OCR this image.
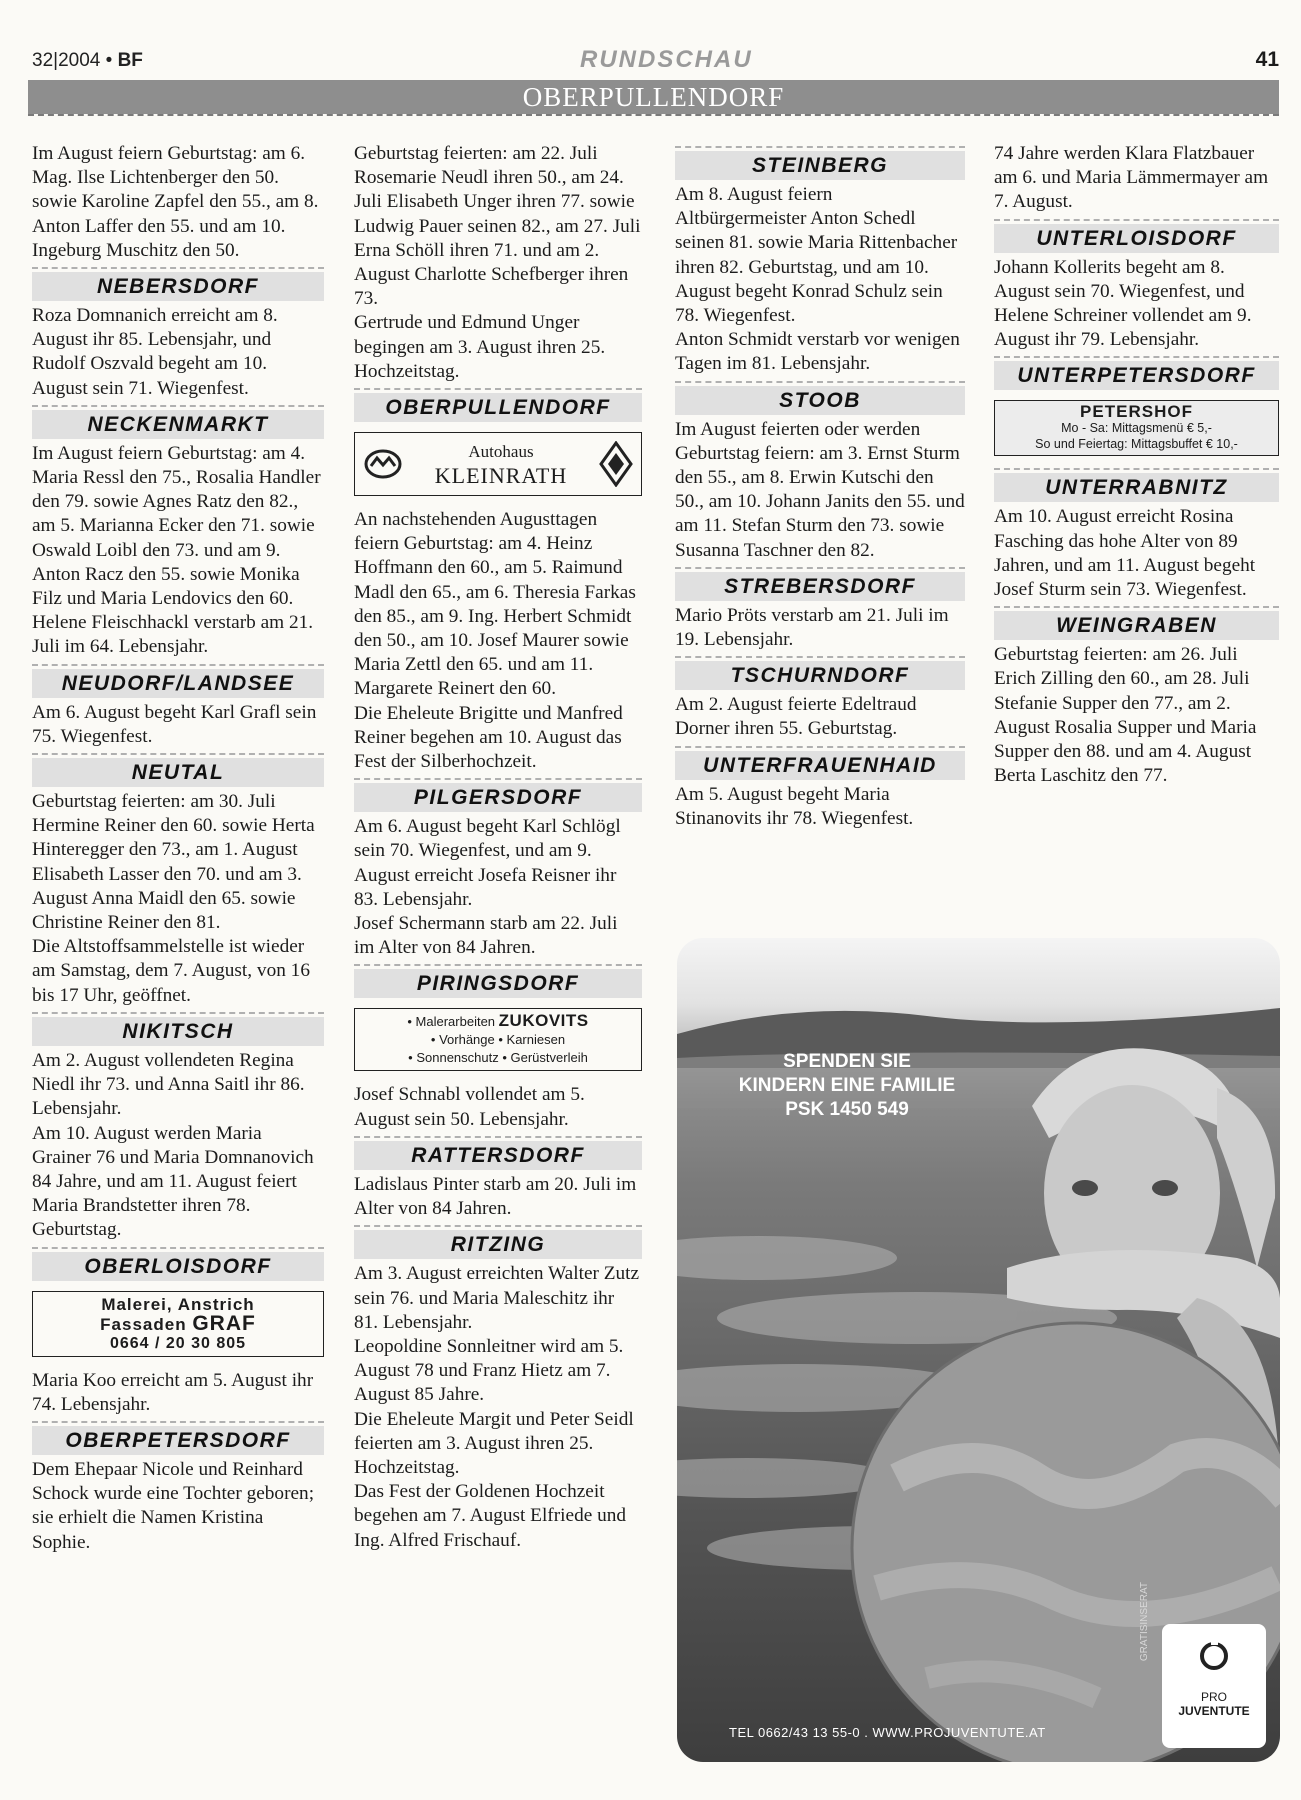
32|2004 • BF	RUNDSCHAU	41
OBERPULLENDORF

Im August feiern Geburtstag: am 6. Mag. Ilse Lichtenberger den 50. sowie Karoline Zapfel den 55., am 8. Anton Laffer den 55. und am 10. Ingeburg Muschitz den 50.

NEBERSDORF

Roza Domnanich erreicht am 8. August ihr 85. Lebensjahr, und Rudolf Oszvald begeht am 10. August sein 71. Wiegenfest.

NECKENMARKT

Im August feiern Geburtstag: am 4. Maria Ressl den 75., Rosalia Handler den 79. sowie Agnes Ratz den 82., am 5. Marianna Ecker den 71. sowie Oswald Loibl den 73. und am 9. Anton Racz den 55. sowie Monika Filz und Maria Lendovics den 60.

Helene Fleischhackl verstarb am 21. Juli im 64. Lebensjahr.

NEUDORF/LANDSEE

Am 6. August begeht Karl Grafl sein 75. Wiegenfest.

NEUTAL

Geburtstag feierten: am 30. Juli Hermine Reiner den 60. sowie Herta Hinteregger den 73., am 1. August Elisabeth Lasser den 70. und am 3. August Anna Maidl den 65. sowie Christine Reiner den 81.

Die Altstoffsammelstelle ist wieder am Samstag, dem 7. August, von 16 bis 17 Uhr, geöffnet.

NIKITSCH

Am 2. August vollendeten Regina Niedl ihr 73. und Anna Saitl ihr 86. Lebensjahr.

Am 10. August werden Maria Grainer 76 und Maria Domnanovich 84 Jahre, und am 11. August feiert Maria Brandstetter ihren 78. Geburtstag.

OBERLOISDORF
Malerei, Anstrich
Fassaden GRAF
0664 / 20 30 805

Maria Koo erreicht am 5. August ihr 74. Lebensjahr.

OBERPETERSDORF

Dem Ehepaar Nicole und Reinhard Schock wurde eine Tochter geboren; sie erhielt die Namen Kristina Sophie.

Geburtstag feierten: am 22. Juli Rosemarie Neudl ihren 50., am 24. Juli Elisabeth Unger ihren 77. sowie Ludwig Pauer seinen 82., am 27. Juli Erna Schöll ihren 71. und am 2. August Charlotte Schefberger ihren 73.

Gertrude und Edmund Unger begingen am 3. August ihren 25. Hochzeitstag.

OBERPULLENDORF
Autohaus
KLEINRATH

An nachstehenden Augusttagen feiern Geburtstag: am 4. Heinz Hoffmann den 60., am 5. Raimund Madl den 65., am 6. Theresia Farkas den 85., am 9. Ing. Herbert Schmidt den 50., am 10. Josef Maurer sowie Maria Zettl den 65. und am 11. Margarete Reinert den 60.

Die Eheleute Brigitte und Manfred Reiner begehen am 10. August das Fest der Silberhochzeit.

PILGERSDORF

Am 6. August begeht Karl Schlögl sein 70. Wiegenfest, und am 9. August erreicht Josefa Reisner ihr 83. Lebensjahr.

Josef Schermann starb am 22. Juli im Alter von 84 Jahren.

PIRINGSDORF
• Malerarbeiten ZUKOVITS
• Vorhänge • Karniesen
• Sonnenschutz • Gerüstverleih

Josef Schnabl vollendet am 5. August sein 50. Lebensjahr.

RATTERSDORF

Ladislaus Pinter starb am 20. Juli im Alter von 84 Jahren.

RITZING

Am 3. August erreichten Walter Zutz sein 76. und Maria Maleschitz ihr 81. Lebensjahr.

Leopoldine Sonnleitner wird am 5. August 78 und Franz Hietz am 7. August 85 Jahre.

Die Eheleute Margit und Peter Seidl feierten am 3. August ihren 25. Hochzeitstag.

Das Fest der Goldenen Hochzeit begehen am 7. August Elfriede und Ing. Alfred Frischauf.

STEINBERG

Am 8. August feiern Altbürgermeister Anton Schedl seinen 81. sowie Maria Rittenbacher ihren 82. Geburtstag, und am 10. August begeht Konrad Schulz sein 78. Wiegenfest.

Anton Schmidt verstarb vor wenigen Tagen im 81. Lebensjahr.

STOOB

Im August feierten oder werden Geburtstag feiern: am 3. Ernst Sturm den 55., am 8. Erwin Kutschi den 50., am 10. Johann Janits den 55. und am 11. Stefan Sturm den 73. sowie Susanna Taschner den 82.

STREBERSDORF

Mario Pröts verstarb am 21. Juli im 19. Lebensjahr.

TSCHURNDORF

Am 2. August feierte Edeltraud Dorner ihren 55. Geburtstag.

UNTERFRAUENHAID

Am 5. August begeht Maria Stinanovits ihr 78. Wiegenfest.

74 Jahre werden Klara Flatzbauer am 6. und Maria Lämmermayer am 7. August.

UNTERLOISDORF

Johann Kollerits begeht am 8. August sein 70. Wiegenfest, und Helene Schreiner vollendet am 9. August ihr 79. Lebensjahr.

UNTERPETERSDORF
PETERSHOF
Mo - Sa: Mittagsmenü € 5,-
So und Feiertag: Mittagsbuffet € 10,-
UNTERRABNITZ

Am 10. August erreicht Rosina Fasching das hohe Alter von 89 Jahren, und am 11. August begeht Josef Sturm sein 73. Wiegenfest.

WEINGRABEN

Geburtstag feierten: am 26. Juli Erich Zilling den 60., am 28. Juli Stefanie Supper den 77., am 2. August Rosalia Supper und Maria Supper den 88. und am 4. August Berta Laschitz den 77.

SPENDEN SIE
KINDERN EINE FAMILIE
PSK 1450 549
GRATISINSERAT
TEL 0662/43 13 55-0 . WWW.PROJUVENTUTE.AT
PRO
JUVENTUTE
